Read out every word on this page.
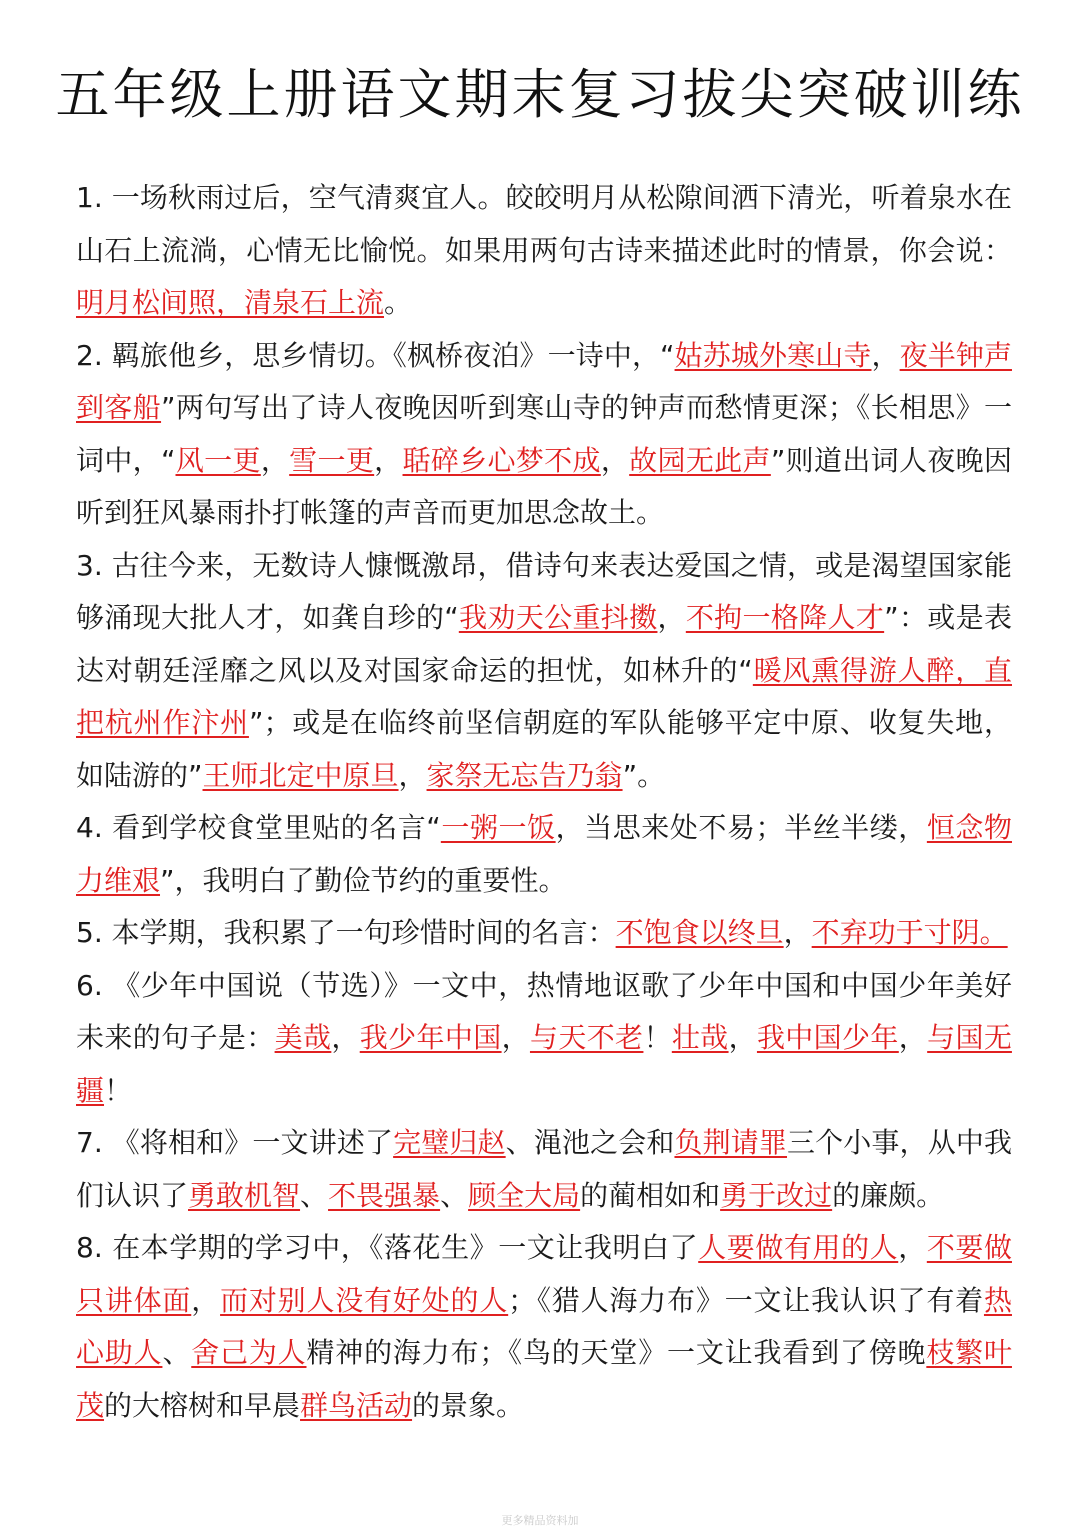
五年级上册语文期末复习拔尖突破训练

1. 一场秋雨过后，空气清爽宜人。皎皎明月从松隙间洒下清光，听着泉水在山石上流淌，心情无比愉悦。如果用两句古诗来描述此时的情景，你会说：明月松间照，清泉石上流。

2. 羁旅他乡，思乡情切。《枫桥夜泊》一诗中，“姑苏城外寒山寺，夜半钟声到客船”两句写出了诗人夜晚因听到寒山寺的钟声而愁情更深；《长相思》一词中，“风一更，雪一更，聒碎乡心梦不成，故园无此声”则道出词人夜晚因听到狂风暴雨扑打帐篷的声音而更加思念故土。

3. 古往今来，无数诗人慷慨激昂，借诗句来表达爱国之情，或是渴望国家能够涌现大批人才，如龚自珍的“我劝天公重抖擞，不拘一格降人才”：或是表达对朝廷淫靡之风以及对国家命运的担忧，如林升的“暖风熏得游人醉，直把杭州作汴州”；或是在临终前坚信朝庭的军队能够平定中原、收复失地，如陆游的”王师北定中原旦，家祭无忘告乃翁”。

4. 看到学校食堂里贴的名言“一粥一饭，当思来处不易；半丝半缕，恒念物力维艰”，我明白了勤俭节约的重要性。

5. 本学期，我积累了一句珍惜时间的名言：不饱食以终旦，不弃功于寸阴。

6. 《少年中国说（节选）》一文中，热情地讴歌了少年中国和中国少年美好未来的句子是：美哉，我少年中国，与天不老！壮哉，我中国少年，与国无疆！

7. 《将相和》一文讲述了完璧归赵、渑池之会和负荆请罪三个小事，从中我们认识了勇敢机智、不畏强暴、顾全大局的蔺相如和勇于改过的廉颇。

8. 在本学期的学习中，《落花生》一文让我明白了人要做有用的人，不要做只讲体面，而对别人没有好处的人；《猎人海力布》一文让我认识了有着热心助人、舍己为人精神的海力布；《鸟的天堂》一文让我看到了傍晚枝繁叶茂的大榕树和早晨群鸟活动的景象。

更多精品资料加
